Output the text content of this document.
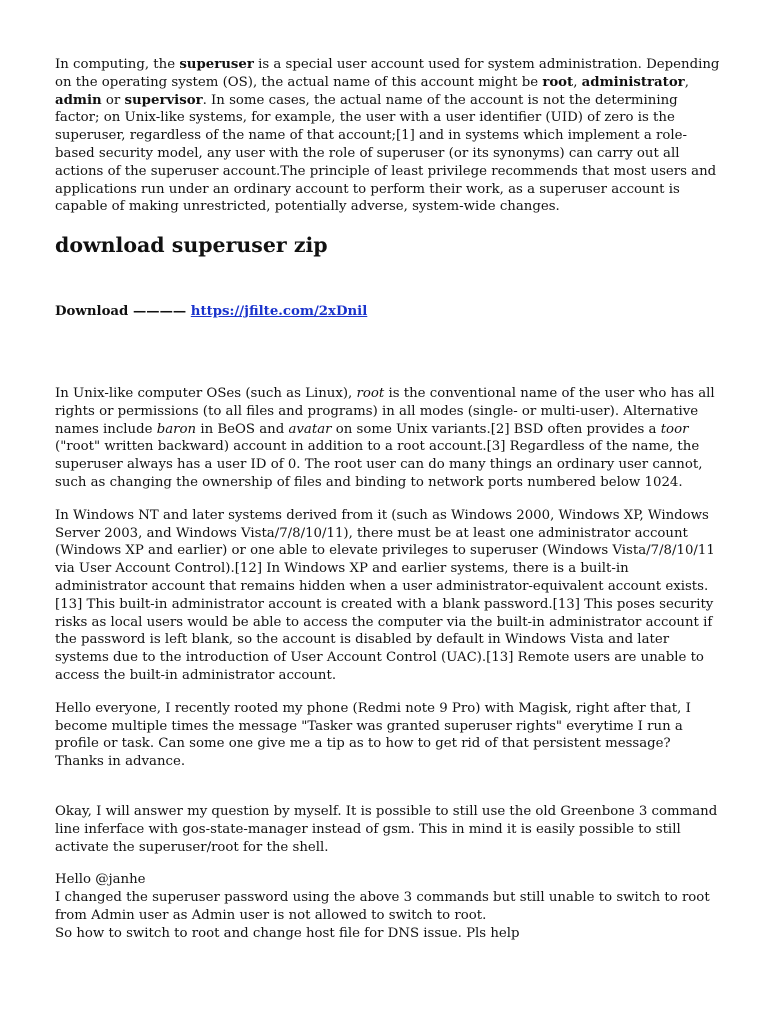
In computing, the superuser is a special user account used for system administration. Depending on the operating system (OS), the actual name of this account might be root, administrator, admin or supervisor. In some cases, the actual name of the account is not the determining factor; on Unix-like systems, for example, the user with a user identifier (UID) of zero is the superuser, regardless of the name of that account;[1] and in systems which implement a role-based security model, any user with the role of superuser (or its synonyms) can carry out all actions of the superuser account.The principle of least privilege recommends that most users and applications run under an ordinary account to perform their work, as a superuser account is capable of making unrestricted, potentially adverse, system-wide changes.

download superuser zip

Download ———— https://jfilte.com/2xDnil

In Unix-like computer OSes (such as Linux), root is the conventional name of the user who has all rights or permissions (to all files and programs) in all modes (single- or multi-user). Alternative names include baron in BeOS and avatar on some Unix variants.[2] BSD often provides a toor ("root" written backward) account in addition to a root account.[3] Regardless of the name, the superuser always has a user ID of 0. The root user can do many things an ordinary user cannot, such as changing the ownership of files and binding to network ports numbered below 1024.

In Windows NT and later systems derived from it (such as Windows 2000, Windows XP, Windows Server 2003, and Windows Vista/7/8/10/11), there must be at least one administrator account (Windows XP and earlier) or one able to elevate privileges to superuser (Windows Vista/7/8/10/11 via User Account Control).[12] In Windows XP and earlier systems, there is a built-in administrator account that remains hidden when a user administrator-equivalent account exists.[13] This built-in administrator account is created with a blank password.[13] This poses security risks as local users would be able to access the computer via the built-in administrator account if the password is left blank, so the account is disabled by default in Windows Vista and later systems due to the introduction of User Account Control (UAC).[13] Remote users are unable to access the built-in administrator account.

Hello everyone, I recently rooted my phone (Redmi note 9 Pro) with Magisk, right after that, I become multiple times the message "Tasker was granted superuser rights" everytime I run a profile or task. Can some one give me a tip as to how to get rid of that persistent message? Thanks in advance.

Okay, I will answer my question by myself. It is possible to still use the old Greenbone 3 command line inferface with gos-state-manager instead of gsm. This in mind it is easily possible to still activate the superuser/root for the shell.

Hello @janhe
I changed the superuser password using the above 3 commands but still unable to switch to root from Admin user as Admin user is not allowed to switch to root.
So how to switch to root and change host file for DNS issue. Pls help
